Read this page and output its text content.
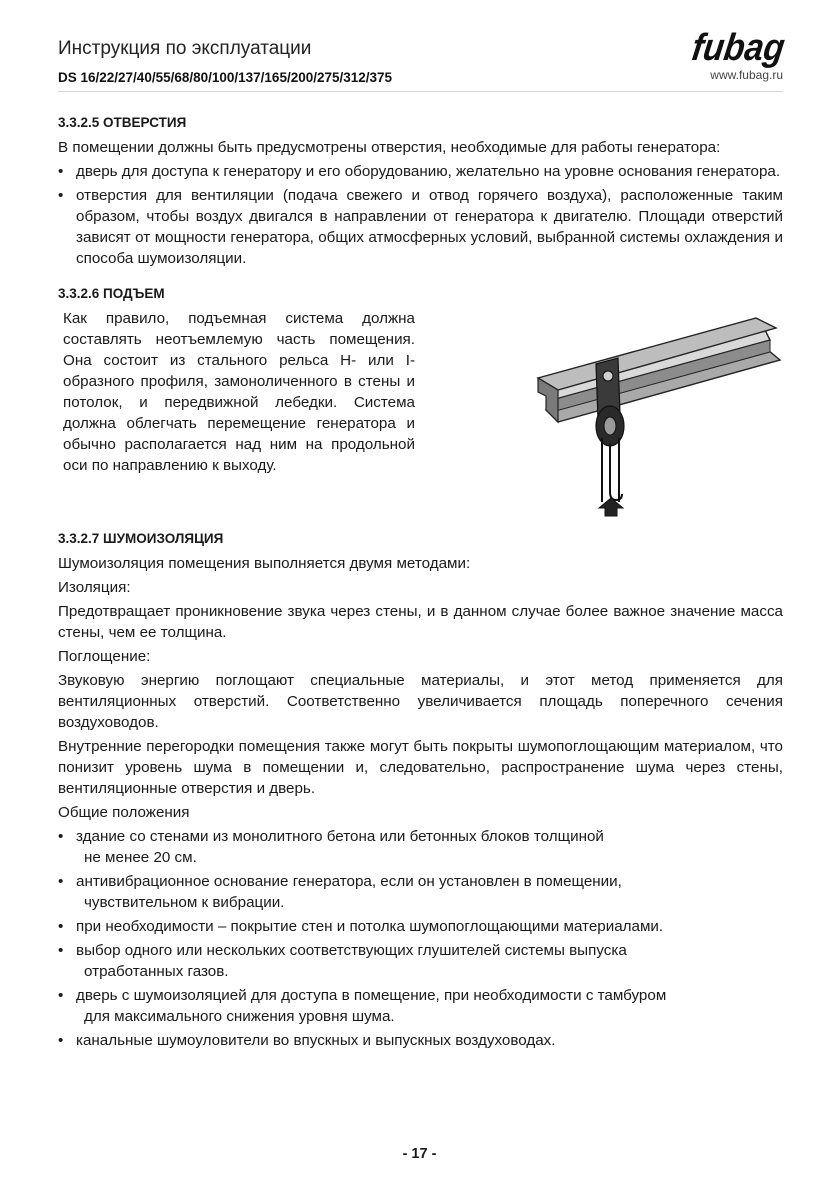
Инструкция по эксплуатации
DS 16/22/27/40/55/68/80/100/137/165/200/275/312/375
fubag
www.fubag.ru
3.3.2.5 ОТВЕРСТИЯ

В помещении должны быть предусмотрены отверстия, необходимые для работы генератора:

• дверь для доступа к генератору и его оборудованию, желательно на уровне основания генератора.
• отверстия для вентиляции (подача свежего и отвод горячего воздуха), расположенные таким образом, чтобы воздух двигался в направлении от генератора к двигателю. Площади отверстий зависят от мощности генератора, общих атмосферных условий, выбранной системы охлаждения и способа шумоизоляции.
3.3.2.6 ПОДЪЕМ

Как правило, подъемная система должна составлять неотъемлемую часть помещения. Она состоит из стального рельса Н- или I-образного профиля, замоноличенного в стены и потолок, и передвижной лебедки. Система должна облегчать перемещение генератора и обычно располагается над ним на продольной оси по направлению к выходу.

3.3.2.7 ШУМОИЗОЛЯЦИЯ

Шумоизоляция помещения выполняется двумя методами:

Изоляция:

Предотвращает проникновение звука через стены, и в данном случае более важное значение масса стены, чем ее толщина.

Поглощение:

Звуковую энергию поглощают специальные материалы, и этот метод применяется для вентиляционных отверстий. Соответственно увеличивается площадь поперечного сечения воздуховодов.

Внутренние перегородки помещения также могут быть покрыты шумопоглощающим материалом, что понизит уровень шума в помещении и, следовательно, распространение шума через стены, вентиляционные отверстия и дверь.

Общие положения

• здание со стенами из монолитного бетона или бетонных блоков толщиной
не менее 20 см.
• антивибрационное основание генератора, если он установлен в помещении,
чувствительном к вибрации.
• при необходимости – покрытие стен и потолка шумопоглощающими материалами.
• выбор одного или нескольких соответствующих глушителей системы выпуска
отработанных газов.
• дверь с шумоизоляцией для доступа в помещение, при необходимости с тамбуром
для максимального снижения уровня шума.
• канальные шумоуловители во впускных и выпускных воздуховодах.
- 17 -
